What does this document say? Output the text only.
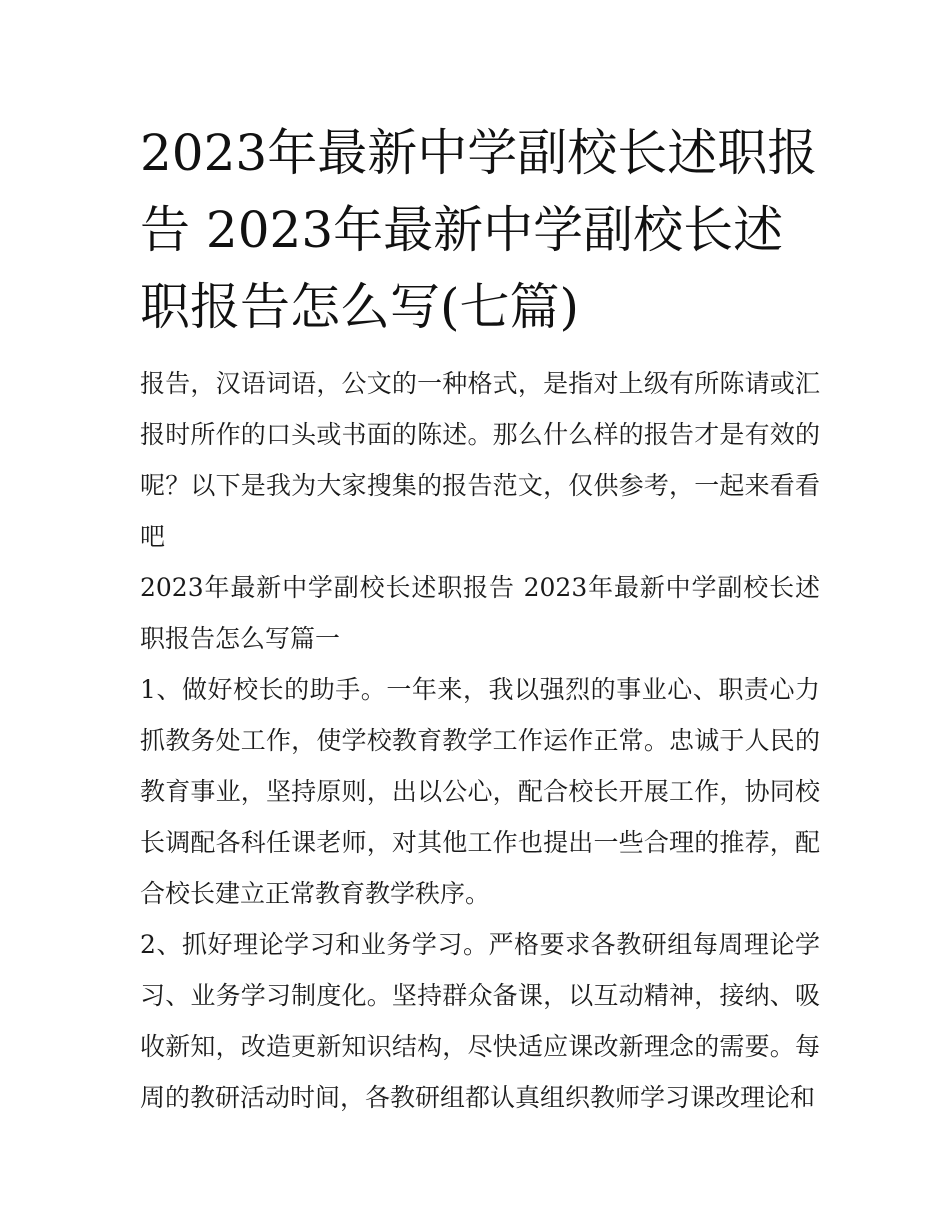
2023年最新中学副校长述职报告 2023年最新中学副校长述职报告怎么写(七篇)

报告，汉语词语，公文的一种格式，是指对上级有所陈请或汇报时所作的口头或书面的陈述。那么什么样的报告才是有效的呢？以下是我为大家搜集的报告范文，仅供参考，一起来看看吧

2023年最新中学副校长述职报告 2023年最新中学副校长述职报告怎么写篇一

1、做好校长的助手。一年来，我以强烈的事业心、职责心力抓教务处工作，使学校教育教学工作运作正常。忠诚于人民的教育事业，坚持原则，出以公心，配合校长开展工作，协同校长调配各科任课老师，对其他工作也提出一些合理的推荐，配合校长建立正常教育教学秩序。

2、抓好理论学习和业务学习。严格要求各教研组每周理论学习、业务学习制度化。坚持群众备课，以互动精神，接纳、吸收新知，改造更新知识结构，尽快适应课改新理念的需要。每周的教研活动时间，各教研组都认真组织教师学习课改理论和
